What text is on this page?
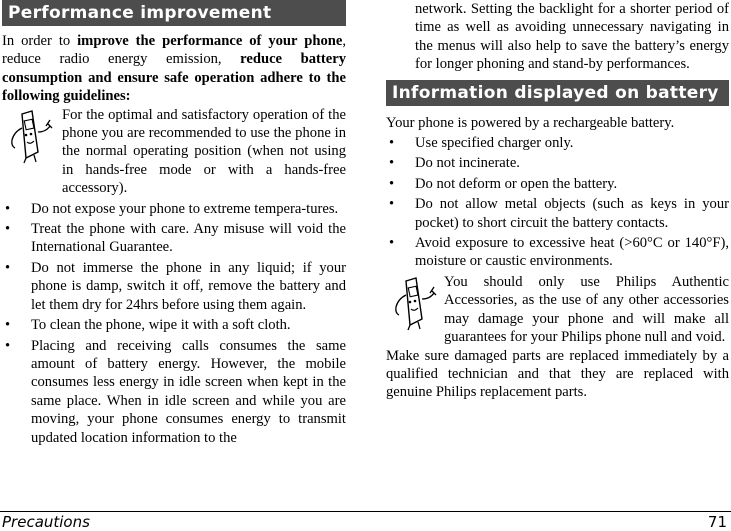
Performance improvement

In order to improve the performance of your phone, reduce radio energy emission, reduce battery consumption and ensure safe operation adhere to the following guidelines:

For the optimal and satisfactory operation of the phone you are recommended to use the phone in the normal operating position (when not using in hands-free mode or with a hands-free accessory).

• Do not expose your phone to extreme tempera-tures.
• Treat the phone with care. Any misuse will void the International Guarantee.
• Do not immerse the phone in any liquid; if your phone is damp, switch it off, remove the battery and let them dry for 24hrs before using them again.
• To clean the phone, wipe it with a soft cloth.
• Placing and receiving calls consumes the same amount of battery energy. However, the mobile consumes less energy in idle screen when kept in the same place. When in idle screen and while you are moving, your phone consumes energy to transmit updated location information to the

network. Setting the backlight for a shorter period of time as well as avoiding unnecessary navigating in the menus will also help to save the battery’s energy for longer phoning and stand-by performances.

Information displayed on battery

Your phone is powered by a rechargeable battery.

• Use specified charger only.
• Do not incinerate.
• Do not deform or open the battery.
• Do not allow metal objects (such as keys in your pocket) to short circuit the battery contacts.
• Avoid exposure to excessive heat (>60°C or 140°F), moisture or caustic environments.

You should only use Philips Authentic Accessories, as the use of any other accessories may damage your phone and will make all guarantees for your Philips phone null and void.

Make sure damaged parts are replaced immediately by a qualified technician and that they are replaced with genuine Philips replacement parts.

Precautions	71
